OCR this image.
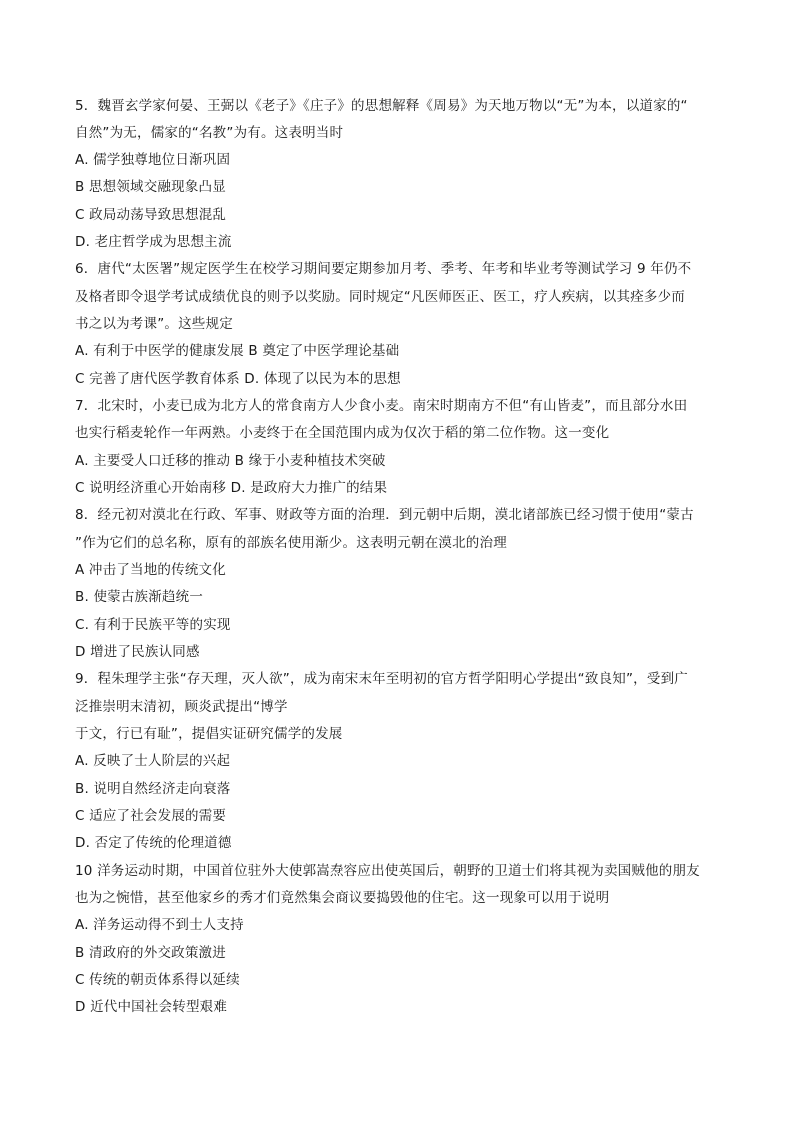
5．魏晋玄学家何晏、王弼以《老子》《庄子》的思想解释《周易》为天地万物以“无”为本，以道家的“
自然”为无，儒家的“名教”为有。这表明当时
A. 儒学独尊地位日渐巩固
B 思想领域交融现象凸显
C 政局动荡导致思想混乱
D. 老庄哲学成为思想主流
6．唐代“太医署”规定医学生在校学习期间要定期参加月考、季考、年考和毕业考等测试学习 9 年仍不
及格者即令退学考试成绩优良的则予以奖励。同时规定“凡医师医正、医工，疗人疾病，以其痊多少而
书之以为考课”。这些规定
A. 有利于中医学的健康发展 B 奠定了中医学理论基础
C 完善了唐代医学教育体系 D. 体现了以民为本的思想
7．北宋时，小麦已成为北方人的常食南方人少食小麦。南宋时期南方不但“有山皆麦”，而且部分水田
也实行稻麦轮作一年两熟。小麦终于在全国范围内成为仅次于稻的第二位作物。这一变化
A. 主要受人口迁移的推动 B 缘于小麦种植技术突破
C 说明经济重心开始南移 D. 是政府大力推广的结果
8．经元初对漠北在行政、军事、财政等方面的治理．到元朝中后期，漠北诸部族已经习惯于使用“蒙古
”作为它们的总名称，原有的部族名使用渐少。这表明元朝在漠北的治理
A 冲击了当地的传统文化
B. 使蒙古族渐趋统一
C. 有利于民族平等的实现
D 增进了民族认同感
9．程朱理学主张“存天理，灭人欲”，成为南宋末年至明初的官方哲学阳明心学提出“致良知”，受到广
泛推崇明末清初，顾炎武提出“博学
于文，行已有耻”，提倡实证研究儒学的发展
A. 反映了士人阶层的兴起
B. 说明自然经济走向衰落
C 适应了社会发展的需要
D. 否定了传统的伦理道德
10 洋务运动时期，中国首位驻外大使郭嵩焘容应出使英国后，朝野的卫道士们将其视为卖国贼他的朋友
也为之惋惜，甚至他家乡的秀才们竟然集会商议要捣毁他的住宅。这一现象可以用于说明
A. 洋务运动得不到士人支持
B 清政府的外交政策激进
C 传统的朝贡体系得以延续
D 近代中国社会转型艰难
